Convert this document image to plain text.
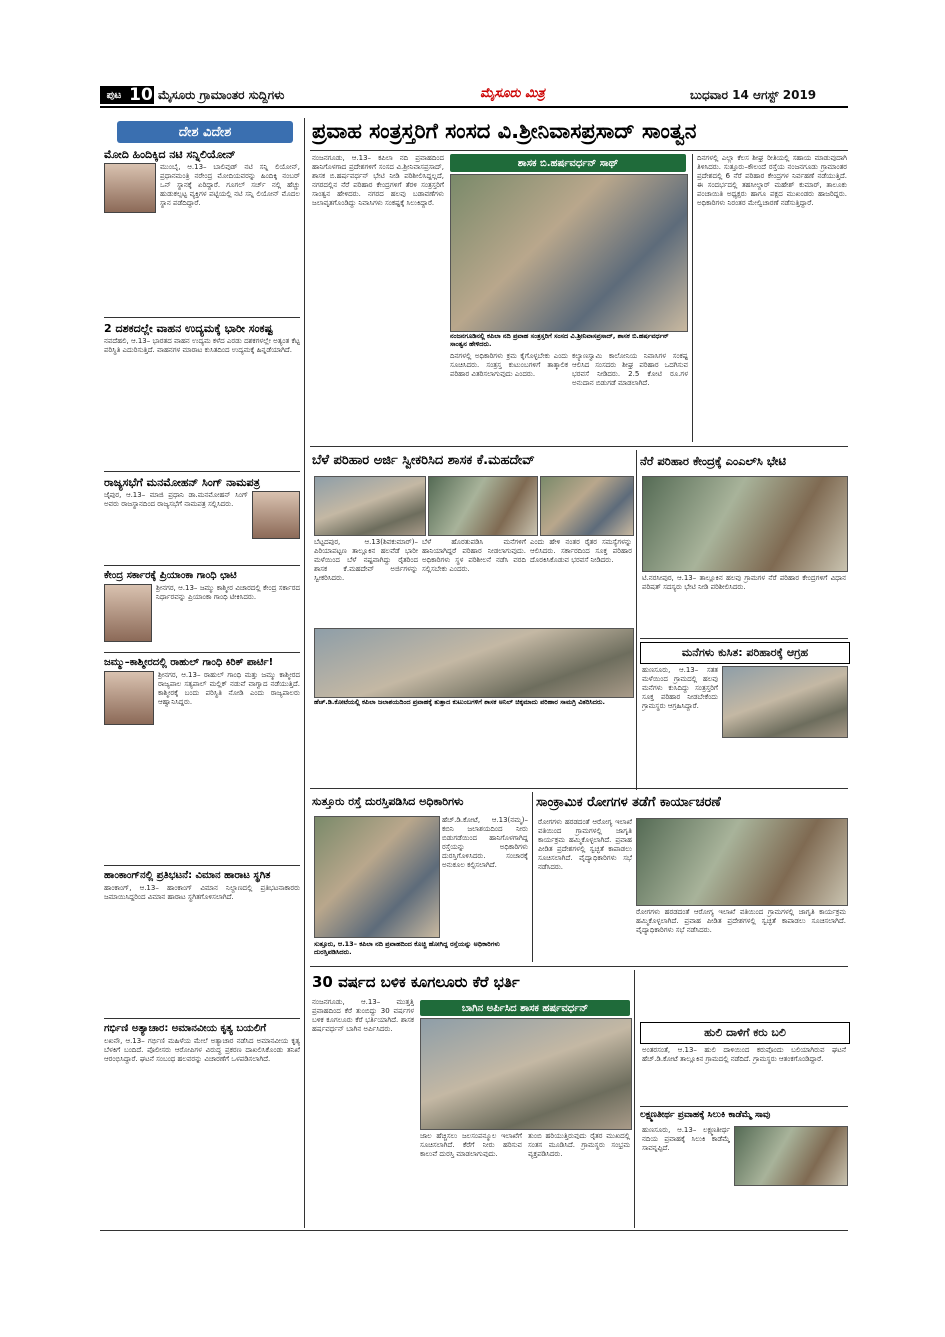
ಪುಟ 10 ಮೈಸೂರು ಗ್ರಾಮಾಂತರ ಸುದ್ದಿಗಳು	ಮೈಸೂರು ಮಿತ್ರ	ಬುಧವಾರ 14 ಆಗಸ್ಟ್ 2019
ದೇಶ ವಿದೇಶ
ಮೋದಿ ಹಿಂದಿಕ್ಕಿದ ನಟಿ ಸನ್ನಿಲಿಯೋನ್
ಮುಂಬೈ, ಆ.13– ಬಾಲಿವುಡ್ ನಟಿ ಸನ್ನಿ ಲಿಯೋನ್, ಪ್ರಧಾನಮಂತ್ರಿ ನರೇಂದ್ರ ಮೋದಿಯವರನ್ನು ಹಿಂದಿಕ್ಕಿ ನಂಬರ್ ಒನ್ ಸ್ಥಾನಕ್ಕೆ ಏರಿದ್ದಾರೆ. ಗೂಗಲ್ ಸರ್ಚ್ ನಲ್ಲಿ ಹೆಚ್ಚು ಹುಡುಕಲ್ಪಟ್ಟ ವ್ಯಕ್ತಿಗಳ ಪಟ್ಟಿಯಲ್ಲಿ ನಟಿ ಸನ್ನಿ ಲಿಯೋನ್ ಮೊದಲ ಸ್ಥಾನ ಪಡೆದಿದ್ದಾರೆ.
2 ದಶಕದಲ್ಲೇ ವಾಹನ ಉದ್ಯಮಕ್ಕೆ ಭಾರೀ ಸಂಕಷ್ಟ
ನವದೆಹಲಿ, ಆ.13– ಭಾರತದ ವಾಹನ ಉದ್ಯಮ ಕಳೆದ ಎರಡು ದಶಕಗಳಲ್ಲೇ ಅತ್ಯಂತ ಕೆಟ್ಟ ಪರಿಸ್ಥಿತಿ ಎದುರಿಸುತ್ತಿದೆ. ವಾಹನಗಳ ಮಾರಾಟ ಕುಸಿತದಿಂದ ಉದ್ಯಮಕ್ಕೆ ಹಿನ್ನಡೆಯಾಗಿದೆ.
ರಾಜ್ಯಸಭೆಗೆ ಮನಮೋಹನ್ ಸಿಂಗ್ ನಾಮಪತ್ರ
ಜೈಪುರ, ಆ.13– ಮಾಜಿ ಪ್ರಧಾನಿ ಡಾ.ಮನಮೋಹನ್ ಸಿಂಗ್ ಅವರು ರಾಜಸ್ಥಾನದಿಂದ ರಾಜ್ಯಸಭೆಗೆ ನಾಮಪತ್ರ ಸಲ್ಲಿಸಿದರು.
ಕೇಂದ್ರ ಸರ್ಕಾರಕ್ಕೆ ಪ್ರಿಯಾಂಕಾ ಗಾಂಧಿ ಛಾಟಿ
ಶ್ರೀನಗರ, ಆ.13– ಜಮ್ಮು ಕಾಶ್ಮೀರ ವಿಚಾರದಲ್ಲಿ ಕೇಂದ್ರ ಸರ್ಕಾರದ ನಿರ್ಧಾರವನ್ನು ಪ್ರಿಯಾಂಕಾ ಗಾಂಧಿ ಟೀಕಿಸಿದರು.
ಜಮ್ಮು–ಕಾಶ್ಮೀರದಲ್ಲಿ ರಾಹುಲ್ ಗಾಂಧಿ ಕಿರಿಕ್ ಪಾರ್ಟಿ!
ಶ್ರೀನಗರ, ಆ.13– ರಾಹುಲ್ ಗಾಂಧಿ ಮತ್ತು ಜಮ್ಮು ಕಾಶ್ಮೀರದ ರಾಜ್ಯಪಾಲ ಸತ್ಯಪಾಲ್ ಮಲ್ಲಿಕ್ ನಡುವೆ ವಾಗ್ವಾದ ನಡೆಯುತ್ತಿದೆ. ಕಾಶ್ಮೀರಕ್ಕೆ ಬಂದು ಪರಿಸ್ಥಿತಿ ನೋಡಿ ಎಂದು ರಾಜ್ಯಪಾಲರು ಆಹ್ವಾನಿಸಿದ್ದರು.
ಹಾಂಕಾಂಗ್‌ನಲ್ಲಿ ಪ್ರತಿಭಟನೆ: ವಿಮಾನ ಹಾರಾಟ ಸ್ಥಗಿತ
ಹಾಂಕಾಂಗ್, ಆ.13– ಹಾಂಕಾಂಗ್ ವಿಮಾನ ನಿಲ್ದಾಣದಲ್ಲಿ ಪ್ರತಿಭಟನಾಕಾರರು ಜಮಾಯಿಸಿದ್ದರಿಂದ ವಿಮಾನ ಹಾರಾಟ ಸ್ಥಗಿತಗೊಳಿಸಲಾಗಿದೆ.
ಗರ್ಭಿಣಿ ಅತ್ಯಾಚಾರ: ಅಮಾನವೀಯ ಕೃತ್ಯ ಬಯಲಿಗೆ
ಲಖನೌ, ಆ.13– ಗರ್ಭಿಣಿ ಮಹಿಳೆಯ ಮೇಲೆ ಅತ್ಯಾಚಾರ ನಡೆಸಿದ ಅಮಾನವೀಯ ಕೃತ್ಯ ಬೆಳಕಿಗೆ ಬಂದಿದೆ. ಪೊಲೀಸರು ಆರೋಪಿಗಳ ವಿರುದ್ಧ ಪ್ರಕರಣ ದಾಖಲಿಸಿಕೊಂಡು ತನಿಖೆ ಆರಂಭಿಸಿದ್ದಾರೆ. ಘಟನೆ ಸಂಬಂಧ ಹಲವರನ್ನು ವಿಚಾರಣೆಗೆ ಒಳಪಡಿಸಲಾಗಿದೆ.
ಪ್ರವಾಹ ಸಂತ್ರಸ್ತರಿಗೆ ಸಂಸದ ವಿ.ಶ್ರೀನಿವಾಸಪ್ರಸಾದ್ ಸಾಂತ್ವನ
ನಂಜನಗೂಡು, ಆ.13– ಕಪಿಲಾ ನದಿ ಪ್ರವಾಹದಿಂದ ಹಾನಿಗೊಳಗಾದ ಪ್ರದೇಶಗಳಿಗೆ ಸಂಸದ ವಿ.ಶ್ರೀನಿವಾಸಪ್ರಸಾದ್, ಶಾಸಕ ಬಿ.ಹರ್ಷವರ್ಧನ್ ಭೇಟಿ ನೀಡಿ ಪರಿಶೀಲಿಸಿದ್ದಲ್ಲದೆ, ನಗರದಲ್ಲಿನ ನೆರೆ ಪರಿಹಾರ ಕೇಂದ್ರಗಳಿಗೆ ತೆರಳಿ ಸಂತ್ರಸ್ತರಿಗೆ ಸಾಂತ್ವನ ಹೇಳಿದರು. ನಗರದ ಹಲವು ಬಡಾವಣೆಗಳು ಜಲಾವೃತಗೊಂಡಿದ್ದು ನಿವಾಸಿಗಳು ಸಂಕಷ್ಟಕ್ಕೆ ಸಿಲುಕಿದ್ದಾರೆ.
ಶಾಸಕ ಬಿ.ಹರ್ಷವರ್ಧನ್ ಸಾಥ್
ನಂಜನಗೂಡಿನಲ್ಲಿ ಕಪಿಲಾ ನದಿ ಪ್ರವಾಹ ಸಂತ್ರಸ್ತರಿಗೆ ಸಂಸದ ವಿ.ಶ್ರೀನಿವಾಸಪ್ರಸಾದ್, ಶಾಸಕ ಬಿ.ಹರ್ಷವರ್ಧನ್ ಸಾಂತ್ವನ ಹೇಳಿದರು.
ದಿನಗಳಲ್ಲಿ ಅಧಿಕಾರಿಗಳು ಕ್ರಮ ಕೈಗೊಳ್ಳಬೇಕು ಎಂದು ಸೂಚಿಸಿದರು. ಸಂತ್ರಸ್ತ ಕುಟುಂಬಗಳಿಗೆ ತಾತ್ಕಾಲಿಕ ಪರಿಹಾರ ವಿತರಿಸಲಾಗುವುದು ಎಂದರು.
ಕಲ್ಯಾಣಸ್ವಾಮಿ ಕಾಲೋನಿಯ ನಿವಾಸಿಗಳ ಸಂಕಷ್ಟ ಆಲಿಸಿದ ಸಂಸದರು ಶೀಘ್ರ ಪರಿಹಾರ ಒದಗಿಸುವ ಭರವಸೆ ನೀಡಿದರು. 2.5 ಕೋಟಿ ರೂ.ಗಳ ಅನುದಾನ ಬಿಡುಗಡೆ ಮಾಡಲಾಗಿದೆ.
ದಿನಗಳಲ್ಲಿ ಎಲ್ಲಾ ಕೆಲಸ ಶೀಘ್ರ ರೀತಿಯಲ್ಲಿ ಸಹಾಯ ಮಾಡುವುದಾಗಿ ತಿಳಿಸಿದರು. ಸುತ್ತೂರು–ಕೌಲಂದೆ ರಸ್ತೆಯ ನಂಜನಗೂಡು ಗ್ರಾಮಾಂತರ ಪ್ರದೇಶದಲ್ಲಿ 6 ನೆರೆ ಪರಿಹಾರ ಕೇಂದ್ರಗಳ ನಿರ್ವಹಣೆ ನಡೆಯುತ್ತಿದೆ. ಈ ಸಂದರ್ಭದಲ್ಲಿ ತಹಸೀಲ್ದಾರ್ ಮಹೇಶ್ ಕುಮಾರ್, ತಾಲೂಕು ಪಂಚಾಯಿತಿ ಅಧ್ಯಕ್ಷರು ಹಾಗೂ ಪಕ್ಷದ ಮುಖಂಡರು ಹಾಜರಿದ್ದರು. ಅಧಿಕಾರಿಗಳು ನಿರಂತರ ಮೇಲ್ವಿಚಾರಣೆ ನಡೆಸುತ್ತಿದ್ದಾರೆ.
ಬೆಳೆ ಪರಿಹಾರ ಅರ್ಜಿ ಸ್ವೀಕರಿಸಿದ ಶಾಸಕ ಕೆ.ಮಹದೇವ್
ಬೆಟ್ಟದಪುರ, ಆ.13(ಶಿವಕುಮಾರ್)– ಪಿರಿಯಾಪಟ್ಟಣ ತಾಲ್ಲೂಕಿನ ಹಲವೆಡೆ ಭಾರೀ ಮಳೆಯಿಂದ ಬೆಳೆ ನಷ್ಟವಾಗಿದ್ದು ರೈತರಿಂದ ಶಾಸಕ ಕೆ.ಮಹದೇವ್ ಅರ್ಜಿಗಳನ್ನು ಸ್ವೀಕರಿಸಿದರು.
ಬೆಳೆ ಹೊರತುಪಡಿಸಿ ಮನೆಗಳಿಗೆ ಹಾನಿಯಾಗಿದ್ದರೆ ಪರಿಹಾರ ನೀಡಲಾಗುವುದು. ಅಧಿಕಾರಿಗಳು ಸ್ಥಳ ಪರಿಶೀಲನೆ ನಡೆಸಿ ವರದಿ ಸಲ್ಲಿಸಬೇಕು ಎಂದರು.
ಎಂದು ಹೇಳಿ ನಂತರ ರೈತರ ಸಮಸ್ಯೆಗಳನ್ನು ಆಲಿಸಿದರು. ಸರ್ಕಾರದಿಂದ ಸೂಕ್ತ ಪರಿಹಾರ ದೊರಕಿಸಿಕೊಡುವ ಭರವಸೆ ನೀಡಿದರು.
ಹೆಚ್.ಡಿ.ಕೋಟೆಯಲ್ಲಿ ಕಪಿಲಾ ಜಲಾಶಯದಿಂದ ಪ್ರವಾಹಕ್ಕೆ ತುತ್ತಾದ ಕುಟುಂಬಗಳಿಗೆ ಶಾಸಕ ಅನಿಲ್ ಚಿಕ್ಕಮಾದು ಪರಿಹಾರ ಸಾಮಗ್ರಿ ವಿತರಿಸಿದರು.
ನೆರೆ ಪರಿಹಾರ ಕೇಂದ್ರಕ್ಕೆ ಎಂಎಲ್‌ಸಿ ಭೇಟಿ
ಟಿ.ನರಸೀಪುರ, ಆ.13– ತಾಲ್ಲೂಕಿನ ಹಲವು ಗ್ರಾಮಗಳ ನೆರೆ ಪರಿಹಾರ ಕೇಂದ್ರಗಳಿಗೆ ವಿಧಾನ ಪರಿಷತ್ ಸದಸ್ಯರು ಭೇಟಿ ನೀಡಿ ಪರಿಶೀಲಿಸಿದರು.
ಮನೆಗಳು ಕುಸಿತ: ಪರಿಹಾರಕ್ಕೆ ಆಗ್ರಹ
ಹುಣಸೂರು, ಆ.13– ಸತತ ಮಳೆಯಿಂದ ಗ್ರಾಮದಲ್ಲಿ ಹಲವು ಮನೆಗಳು ಕುಸಿದಿದ್ದು ಸಂತ್ರಸ್ತರಿಗೆ ಸೂಕ್ತ ಪರಿಹಾರ ನೀಡಬೇಕೆಂದು ಗ್ರಾಮಸ್ಥರು ಆಗ್ರಹಿಸಿದ್ದಾರೆ.
ಸುತ್ತೂರು ರಸ್ತೆ ದುರಸ್ತಿಪಡಿಸಿದ ಅಧಿಕಾರಿಗಳು
ಹೆಚ್.ಡಿ.ಕೋಟೆ, ಆ.13(ನಮ್ಮ)– ಕಬಿನಿ ಜಲಾಶಯದಿಂದ ನೀರು ಬಿಡುಗಡೆಯಿಂದ ಹಾನಿಗೊಳಗಾಗಿದ್ದ ರಸ್ತೆಯನ್ನು ಅಧಿಕಾರಿಗಳು ದುರಸ್ತಿಗೊಳಿಸಿದರು. ಸಂಚಾರಕ್ಕೆ ಅನುಕೂಲ ಕಲ್ಪಿಸಲಾಗಿದೆ.
ಸುತ್ತೂರು, ಆ.13– ಕಪಿಲಾ ನದಿ ಪ್ರವಾಹದಿಂದ ಕೊಚ್ಚಿ ಹೋಗಿದ್ದ ರಸ್ತೆಯನ್ನು ಅಧಿಕಾರಿಗಳು ದುರಸ್ತಿಪಡಿಸಿದರು.
ಸಾಂಕ್ರಾಮಿಕ ರೋಗಗಳ ತಡೆಗೆ ಕಾರ್ಯಾಚರಣೆ
ರೋಗಗಳು ಹರಡದಂತೆ ಆರೋಗ್ಯ ಇಲಾಖೆ ವತಿಯಿಂದ ಗ್ರಾಮಗಳಲ್ಲಿ ಜಾಗೃತಿ ಕಾರ್ಯಕ್ರಮ ಹಮ್ಮಿಕೊಳ್ಳಲಾಗಿದೆ. ಪ್ರವಾಹ ಪೀಡಿತ ಪ್ರದೇಶಗಳಲ್ಲಿ ಸ್ವಚ್ಛತೆ ಕಾಪಾಡಲು ಸೂಚಿಸಲಾಗಿದೆ. ವೈದ್ಯಾಧಿಕಾರಿಗಳು ಸಭೆ ನಡೆಸಿದರು.
ರೋಗಗಳು ಹರಡದಂತೆ ಆರೋಗ್ಯ ಇಲಾಖೆ ವತಿಯಿಂದ ಗ್ರಾಮಗಳಲ್ಲಿ ಜಾಗೃತಿ ಕಾರ್ಯಕ್ರಮ ಹಮ್ಮಿಕೊಳ್ಳಲಾಗಿದೆ. ಪ್ರವಾಹ ಪೀಡಿತ ಪ್ರದೇಶಗಳಲ್ಲಿ ಸ್ವಚ್ಛತೆ ಕಾಪಾಡಲು ಸೂಚಿಸಲಾಗಿದೆ. ವೈದ್ಯಾಧಿಕಾರಿಗಳು ಸಭೆ ನಡೆಸಿದರು.
30 ವರ್ಷದ ಬಳಿಕ ಕೂಗಲೂರು ಕೆರೆ ಭರ್ತಿ
ನಂಜನಗೂಡು, ಆ.13– ಮುತ್ತತ್ತಿ ಪ್ರವಾಹದಿಂದ ಕೆರೆ ತುಂಬಿದ್ದು 30 ವರ್ಷಗಳ ಬಳಿಕ ಕೂಗಲೂರು ಕೆರೆ ಭರ್ತಿಯಾಗಿದೆ. ಶಾಸಕ ಹರ್ಷವರ್ಧನ್ ಬಾಗಿನ ಅರ್ಪಿಸಿದರು.
ಬಾಗಿನ ಅರ್ಪಿಸಿದ ಶಾಸಕ ಹರ್ಷವರ್ಧನ್
ಜಾಲ ಹೆಚ್ಚಿಸಲು ಜಲಸಂಪನ್ಮೂಲ ಇಲಾಖೆಗೆ ಸೂಚಿಸಲಾಗಿದೆ. ಕೆರೆಗೆ ನೀರು ಹರಿಸುವ ಕಾಲುವೆ ದುರಸ್ತಿ ಮಾಡಲಾಗುವುದು.
ತುಂಬಿ ಹರಿಯುತ್ತಿರುವುದು ರೈತರ ಮುಖದಲ್ಲಿ ಸಂತಸ ಮೂಡಿಸಿದೆ. ಗ್ರಾಮಸ್ಥರು ಸಂಭ್ರಮ ವ್ಯಕ್ತಪಡಿಸಿದರು.
ಹುಲಿ ದಾಳಿಗೆ ಕರು ಬಲಿ
ಅಂತರಸಂತೆ, ಆ.13– ಹುಲಿ ದಾಳಿಯಿಂದ ಕರುವೊಂದು ಬಲಿಯಾಗಿರುವ ಘಟನೆ ಹೆಚ್.ಡಿ.ಕೋಟೆ ತಾಲ್ಲೂಕಿನ ಗ್ರಾಮದಲ್ಲಿ ನಡೆದಿದೆ. ಗ್ರಾಮಸ್ಥರು ಆತಂಕಗೊಂಡಿದ್ದಾರೆ.
ಲಕ್ಷ್ಮಣತೀರ್ಥ ಪ್ರವಾಹಕ್ಕೆ ಸಿಲುಕಿ ಕಾಡೆಮ್ಮೆ ಸಾವು
ಹುಣಸೂರು, ಆ.13– ಲಕ್ಷ್ಮಣತೀರ್ಥ ನದಿಯ ಪ್ರವಾಹಕ್ಕೆ ಸಿಲುಕಿ ಕಾಡೆಮ್ಮೆ ಸಾವನ್ನಪ್ಪಿದೆ.
